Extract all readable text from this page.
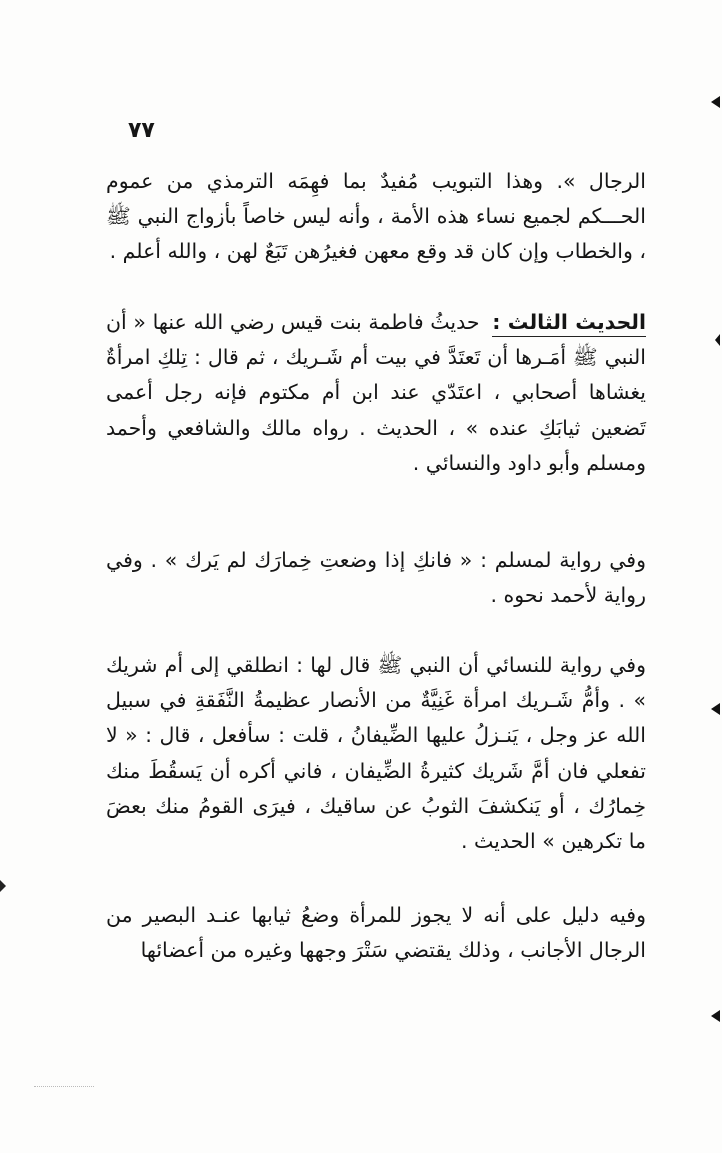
٧٧

الرجال ». وهذا التبويب مُفيدٌ بما فهِمَه الترمذي من عموم الحـــكم لجميع نساء هذه الأمة ، وأنه ليس خاصاً بأزواج النبي ﷺ ، والخطاب وإن كان قد وقع معهن فغيرُهن تَبَعٌ لهن ، والله أعلم .

الحديث الثالث : حديثُ فاطمة بنت قيس رضي الله عنها « أن النبي ﷺ أمَـرها أن تَعتَدَّ في بيت أم شَـريك ، ثم قال : تِلكِ امرأةٌ يغشاها أصحابي ، اعتَدّي عند ابن أم مكتوم فإنه رجل أعمى تَضعين ثيابَكِ عنده » ، الحديث . رواه مالك والشافعي وأحمد ومسلم وأبو داود والنسائي .

وفي رواية لمسلم : « فانكِ إذا وضعتِ خِمارَك لم يَرك » . وفي رواية لأحمد نحوه .

وفي رواية للنسائي أن النبي ﷺ قال لها : انطلقي إلى أم شريك » . وأمُّ شَـريك امرأة غَنِيَّةٌ من الأنصار عظيمةُ النَّفَقةِ في سبيل الله عز وجل ، يَنـزلُ عليها الضِّيفانُ ، قلت : سأفعل ، قال : « لا تفعلي فان أمَّ شَريك كثيرةُ الضِّيفان ، فاني أكره أن يَسقُطَ منك خِمارُك ، أو يَنكشفَ الثوبُ عن ساقيك ، فيرَى القومُ منك بعضَ ما تكرهين » الحديث .

وفيه دليل على أنه لا يجوز للمرأة وضعُ ثيابها عنـد البصير من الرجال الأجانب ، وذلك يقتضي سَتْرَ وجهها وغيره من أعضائها
